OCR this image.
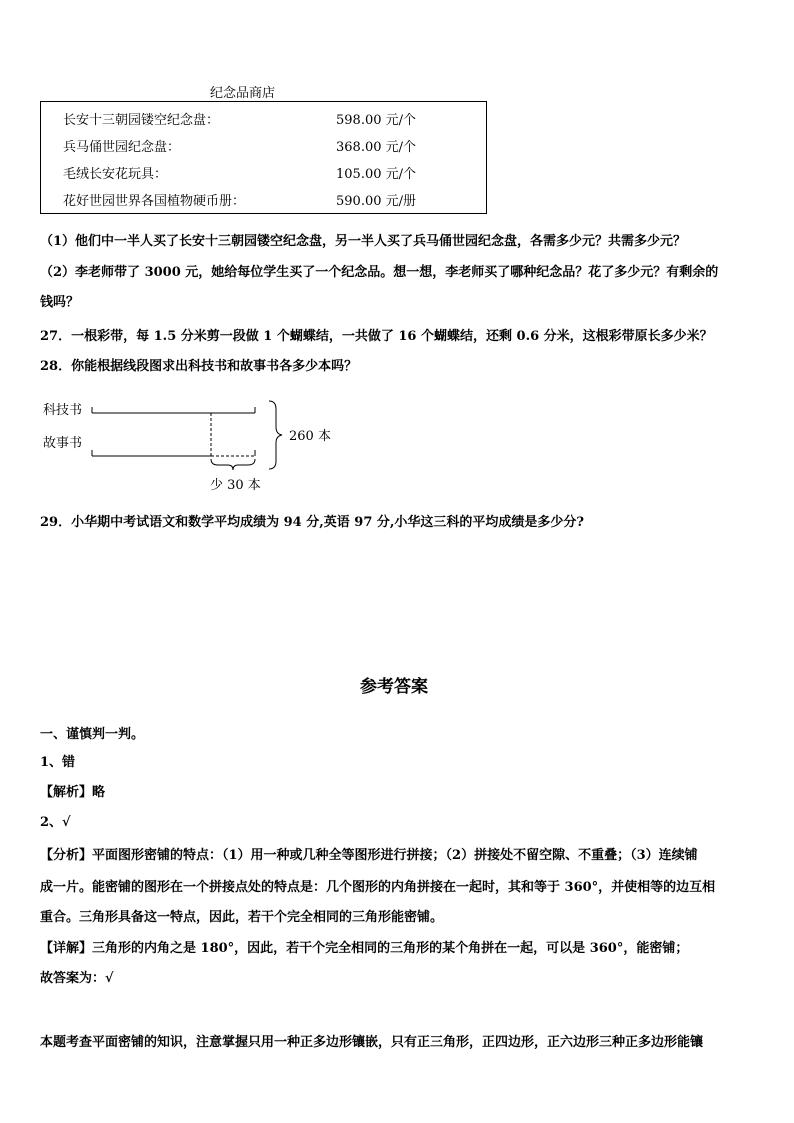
纪念品商店
长安十三朝园镂空纪念盘：	598.00 元/个
兵马俑世园纪念盘：	368.00 元/个
毛绒长安花玩具：	105.00 元/个
花好世园世界各国植物硬币册：	590.00 元/册
（1）他们中一半人买了长安十三朝园镂空纪念盘，另一半人买了兵马俑世园纪念盘，各需多少元？共需多少元？
（2）李老师带了 3000 元，她给每位学生买了一个纪念品。想一想，李老师买了哪种纪念品？花了多少元？有剩余的
钱吗？
27．一根彩带，每 1.5 分米剪一段做 1 个蝴蝶结，一共做了 16 个蝴蝶结，还剩 0.6 分米，这根彩带原长多少米？
28．你能根据线段图求出科技书和故事书各多少本吗？
科技书
故事书	260 本
少 30 本
29．小华期中考试语文和数学平均成绩为 94 分,英语 97 分,小华这三科的平均成绩是多少分?
参考答案
一、谨慎判一判。
1、错
【解析】略
2、√
【分析】平面图形密铺的特点：（1）用一种或几种全等图形进行拼接；（2）拼接处不留空隙、不重叠；（3）连续铺
成一片。能密铺的图形在一个拼接点处的特点是：几个图形的内角拼接在一起时，其和等于 360°，并使相等的边互相
重合。三角形具备这一特点，因此，若干个完全相同的三角形能密铺。
【详解】三角形的内角之是 180°，因此，若干个完全相同的三角形的某个角拼在一起，可以是 360°，能密铺；
故答案为：√
本题考查平面密铺的知识，注意掌握只用一种正多边形镶嵌，只有正三角形，正四边形，正六边形三种正多边形能镶
